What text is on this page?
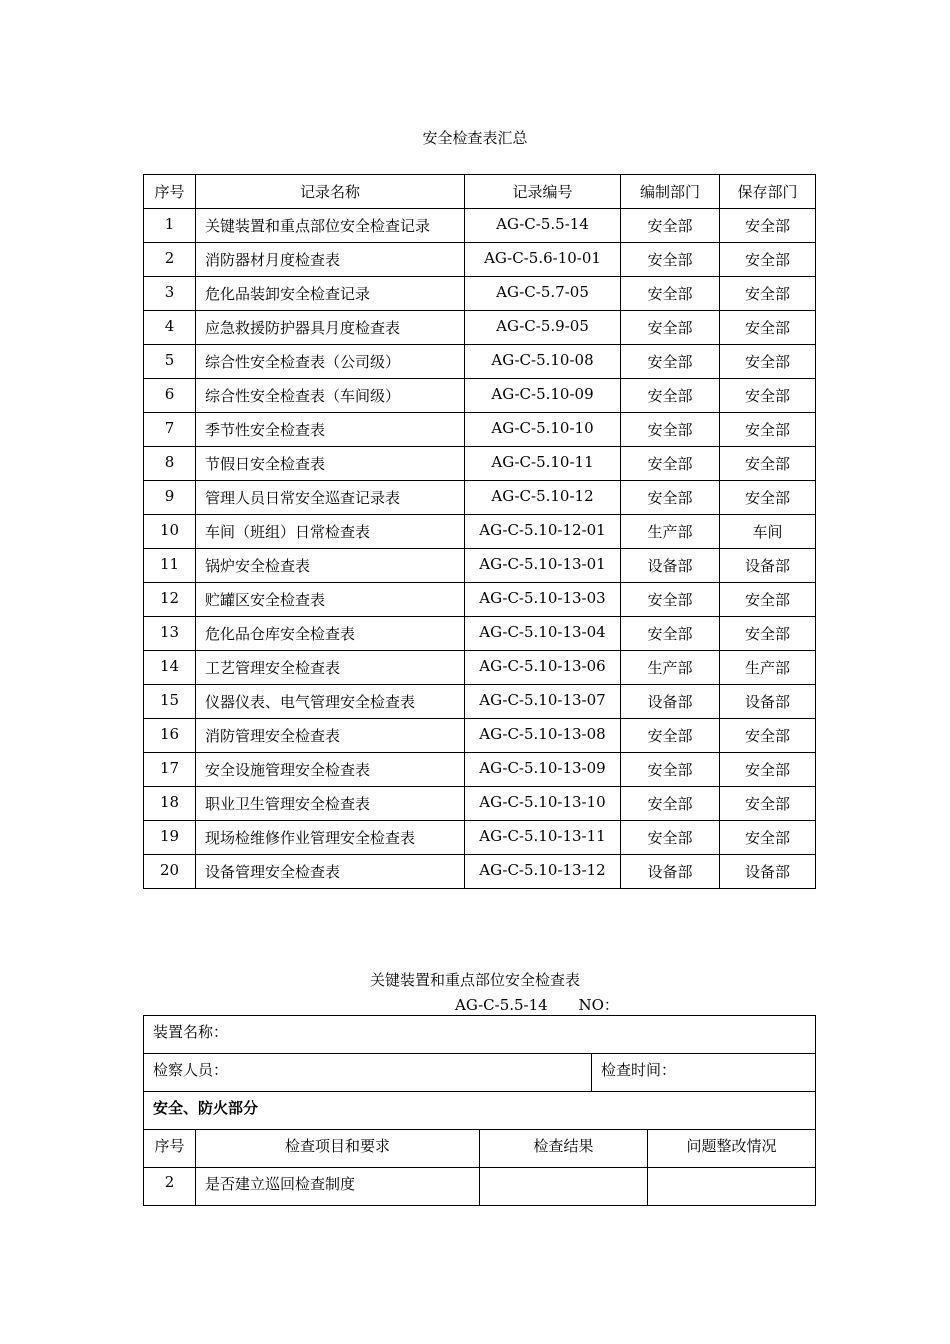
安全检查表汇总
序号	记录名称	记录编号	编制部门	保存部门
1	关键装置和重点部位安全检查记录	AG-C-5.5-14	安全部	安全部
2	消防器材月度检查表	AG-C-5.6-10-01	安全部	安全部
3	危化品装卸安全检查记录	AG-C-5.7-05	安全部	安全部
4	应急救援防护器具月度检查表	AG-C-5.9-05	安全部	安全部
5	综合性安全检查表（公司级）	AG-C-5.10-08	安全部	安全部
6	综合性安全检查表（车间级）	AG-C-5.10-09	安全部	安全部
7	季节性安全检查表	AG-C-5.10-10	安全部	安全部
8	节假日安全检查表	AG-C-5.10-11	安全部	安全部
9	管理人员日常安全巡查记录表	AG-C-5.10-12	安全部	安全部
10	车间（班组）日常检查表	AG-C-5.10-12-01	生产部	车间
11	锅炉安全检查表	AG-C-5.10-13-01	设备部	设备部
12	贮罐区安全检查表	AG-C-5.10-13-03	安全部	安全部
13	危化品仓库安全检查表	AG-C-5.10-13-04	安全部	安全部
14	工艺管理安全检查表	AG-C-5.10-13-06	生产部	生产部
15	仪器仪表、电气管理安全检查表	AG-C-5.10-13-07	设备部	设备部
16	消防管理安全检查表	AG-C-5.10-13-08	安全部	安全部
17	安全设施管理安全检查表	AG-C-5.10-13-09	安全部	安全部
18	职业卫生管理安全检查表	AG-C-5.10-13-10	安全部	安全部
19	现场检维修作业管理安全检查表	AG-C-5.10-13-11	安全部	安全部
20	设备管理安全检查表	AG-C-5.10-13-12	设备部	设备部
关键装置和重点部位安全检查表
AG-C-5.5-14 NO：
装置名称：				
检察人员：			检查时间：	
安全、防火部分				
序号	检查项目和要求	检查结果		问题整改情况
2	是否建立巡回检查制度			
